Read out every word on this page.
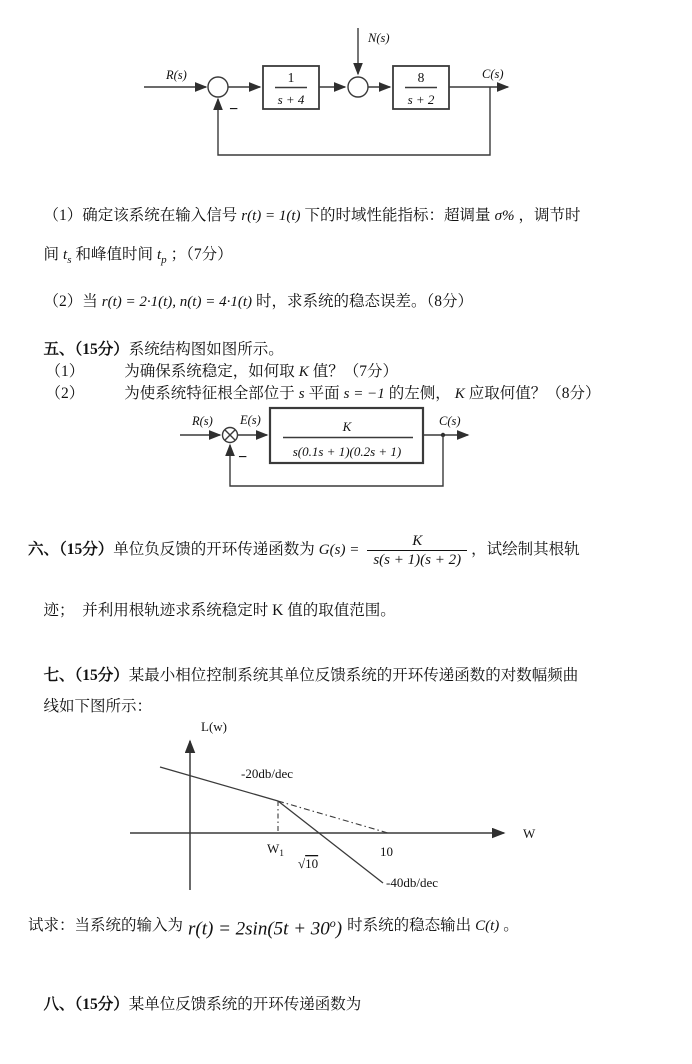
R(s)
N(s)
C(s)
−
1
s + 4
8
s + 2

（1）确定该系统在输入信号 r(t) = 1(t) 下的时域性能指标：超调量 σ% ，调节时

间 $t_s$ 和峰值时间 $t_p$ ；（7分）

（2）当 r(t) = 2·1(t), n(t) = 4·1(t) 时，求系统的稳态误差。（8分）

五、（15分）系统结构图如图所示。

（1）	为确保系统稳定，如何取 K 值？（7分）

（2）	为使系统特征根全部位于 s 平面 s = −1 的左侧， K 应取何值？（8分）

R(s) E(s)	C(s)
−
K
s(0.1s + 1)(0.2s + 1)
六、（15分） 单位负反馈的开环传递函数为 $G(s) = \frac{K}{s(s + 1)(s + 2)}$ ，试绘制其根轨

迹；　并利用根轨迹求系统稳定时 K 值的取值范围。

七、（15分）某最小相位控制系统其单位反馈系统的开环传递函数的对数幅频曲

线如下图所示：

L(w)
W
-20db/dec
-40db/dec
$W_1$
√10
10
试求：当系统的输入为 $r(t) = 2\sin(5t + 30^o)$ 时系统的稳态输出 C(t) 。

八、（15分）某单位反馈系统的开环传递函数为
